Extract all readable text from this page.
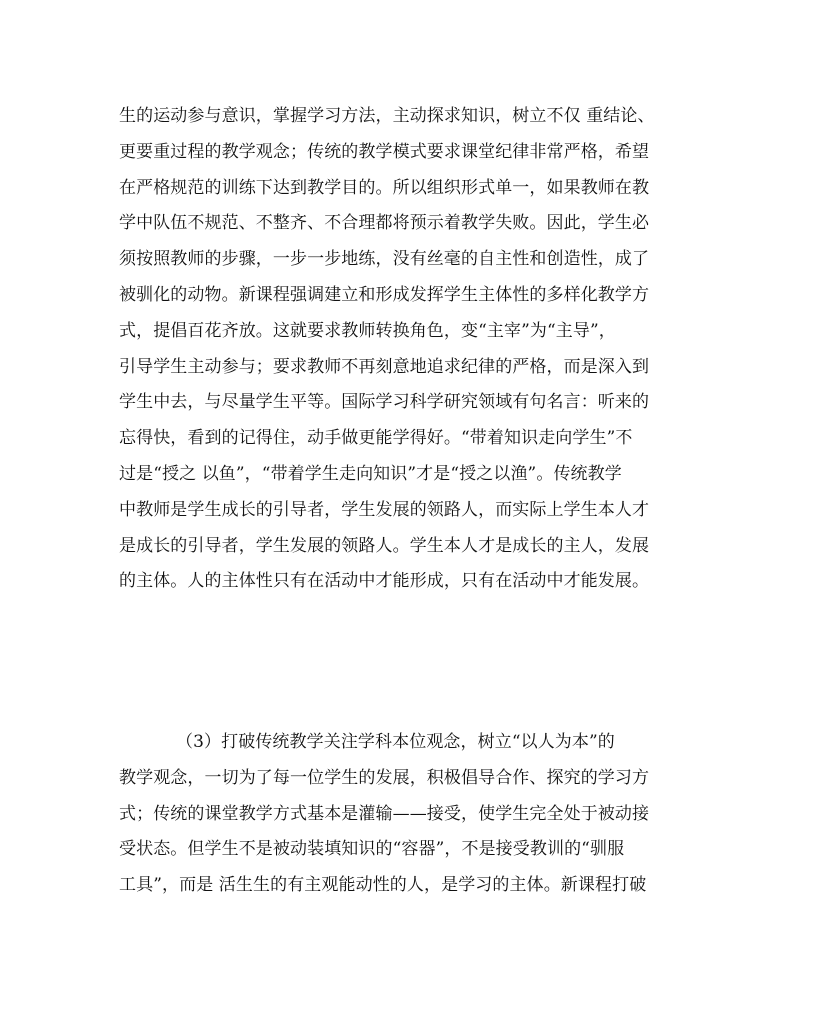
生的运动参与意识，掌握学习方法，主动探求知识，树立不仅 重结论、
更要重过程的教学观念；传统的教学模式要求课堂纪律非常严格，希望
在严格规范的训练下达到教学目的。所以组织形式单一，如果教师在教
学中队伍不规范、不整齐、不合理都将预示着教学失败。因此，学生必
须按照教师的步骤，一步一步地练，没有丝毫的自主性和创造性，成了
被驯化的动物。新课程强调建立和形成发挥学生主体性的多样化教学方
式，提倡百花齐放。这就要求教师转换角色，变“主宰”为“主导”，
引导学生主动参与；要求教师不再刻意地追求纪律的严格，而是深入到
学生中去，与尽量学生平等。国际学习科学研究领域有句名言：听来的
忘得快，看到的记得住，动手做更能学得好。“带着知识走向学生”不
过是“授之 以鱼”，“带着学生走向知识”才是“授之以渔”。传统教学
中教师是学生成长的引导者，学生发展的领路人，而实际上学生本人才
是成长的引导者，学生发展的领路人。学生本人才是成长的主人，发展
的主体。人的主体性只有在活动中才能形成，只有在活动中才能发展。
（3）打破传统教学关注学科本位观念，树立“以人为本”的
教学观念，一切为了每一位学生的发展，积极倡导合作、探究的学习方
式；传统的课堂教学方式基本是灌输——接受，使学生完全处于被动接
受状态。但学生不是被动装填知识的“容器”，不是接受教训的“驯服
工具”，而是 活生生的有主观能动性的人，是学习的主体。新课程打破
